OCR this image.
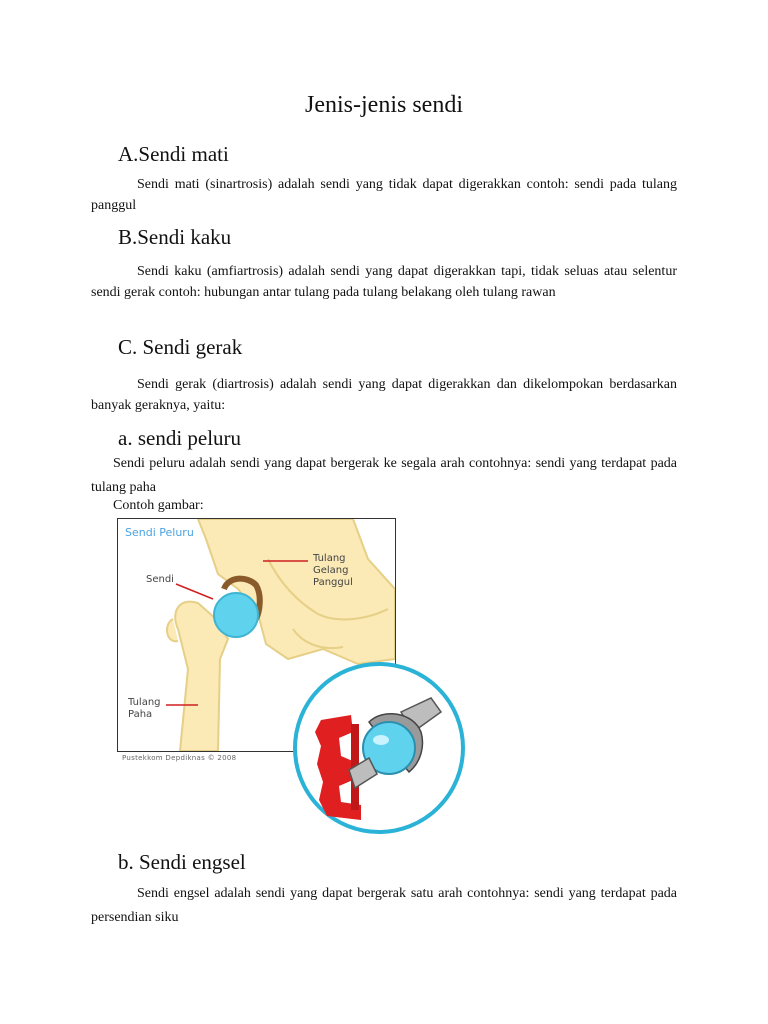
Jenis-jenis sendi
A.Sendi mati

Sendi mati (sinartrosis) adalah sendi yang tidak dapat digerakkan contoh: sendi pada tulang panggul

B.Sendi kaku

Sendi kaku (amfiartrosis) adalah sendi yang dapat digerakkan tapi, tidak seluas atau selentur sendi gerak contoh: hubungan antar tulang pada tulang belakang oleh tulang rawan

C. Sendi gerak

Sendi gerak (diartrosis) adalah sendi yang dapat digerakkan dan dikelompokan berdasarkan banyak geraknya, yaitu:

a. sendi peluru

Sendi peluru adalah sendi yang dapat bergerak ke segala arah contohnya: sendi yang terdapat pada tulang paha

Contoh gambar:
Sendi Peluru
Sendi
Tulang
Gelang
Panggul
Tulang
Paha
Pustekkom Depdiknas © 2008
b. Sendi engsel

Sendi engsel adalah sendi yang dapat bergerak satu arah contohnya: sendi yang terdapat pada persendian siku
